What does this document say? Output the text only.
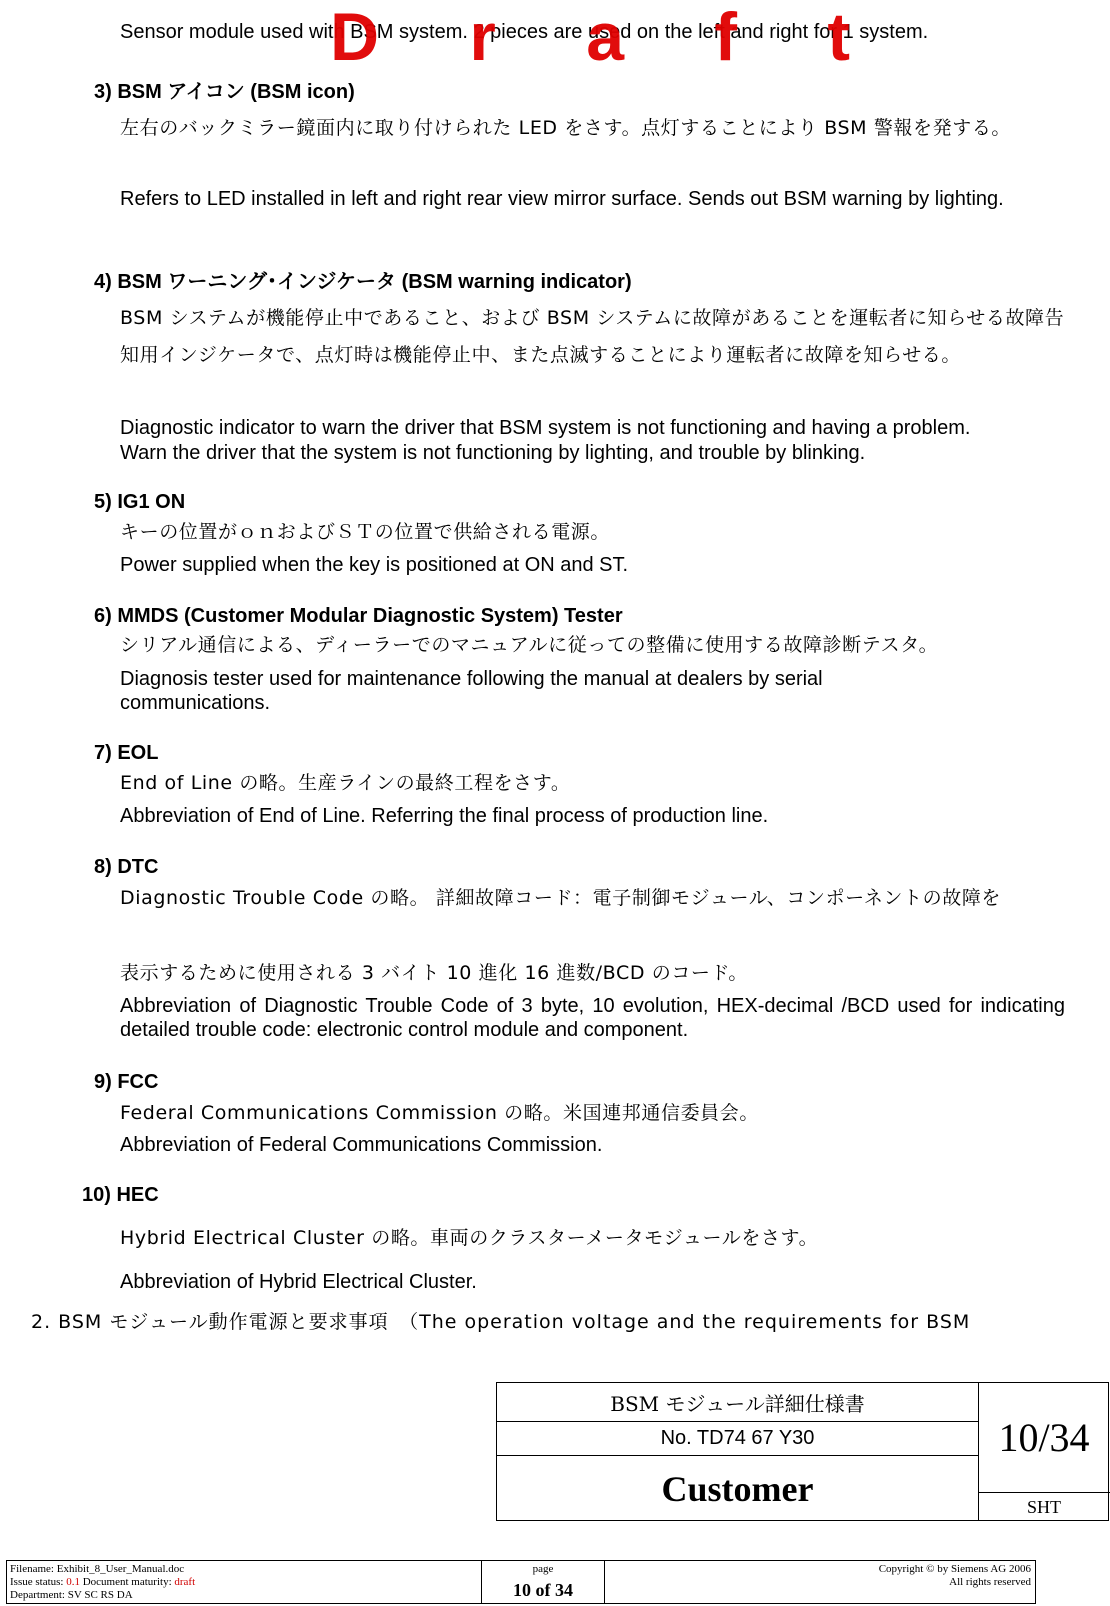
D r a f t

Sensor module used with BSM system. 2 pieces are used on the left and right for 1 system.

3) BSM アイコン (BSM icon)

左右のバックミラー鏡面内に取り付けられた LED をさす。点灯することにより BSM 警報を発する。

Refers to LED installed in left and right rear view mirror surface. Sends out BSM warning by lighting.

4) BSM ワーニング･インジケータ (BSM warning indicator)

BSM システムが機能停止中であること、および BSM システムに故障があることを運転者に知らせる故障告知用インジケータで、点灯時は機能停止中、また点滅することにより運転者に故障を知らせる。

Diagnostic indicator to warn the driver that BSM system is not functioning and having a problem.

Warn the driver that the system is not functioning by lighting, and trouble by blinking.

5) IG1 ON

キーの位置がｏｎおよびＳＴの位置で供給される電源。

Power supplied when the key is positioned at ON and ST.

6) MMDS (Customer Modular Diagnostic System) Tester

シリアル通信による、ディーラーでのマニュアルに従っての整備に使用する故障診断テスタ。

Diagnosis tester used for maintenance following the manual at dealers by serial

communications.

7) EOL

End of Line の略。生産ラインの最終工程をさす。

Abbreviation of End of Line. Referring the final process of production line.

8) DTC

Diagnostic Trouble Code の略。 詳細故障コード：電子制御モジュール、コンポーネントの故障を

表示するために使用される 3 バイト 10 進化 16 進数/BCD のコード。

Abbreviation of Diagnostic Trouble Code of 3 byte, 10 evolution, HEX-decimal /BCD used for indicating detailed trouble code: electronic control module and component.

9) FCC

Federal Communications Commission の略。米国連邦通信委員会。

Abbreviation of Federal Communications Commission.

10) HEC

Hybrid Electrical Cluster の略。車両のクラスターメータモジュールをさす。

Abbreviation of Hybrid Electrical Cluster.

2. BSM モジュール動作電源と要求事項　（The operation voltage and the requirements for BSM

BSM モジュール詳細仕様書
No. TD74 67 Y30
Customer
10/34
SHT
Filename: Exhibit_8_User_Manual.doc
Issue status: 0.1 Document maturity: draft
Department: SV SC RS DA
page
10 of 34
Copyright © by Siemens AG 2006
All rights reserved
